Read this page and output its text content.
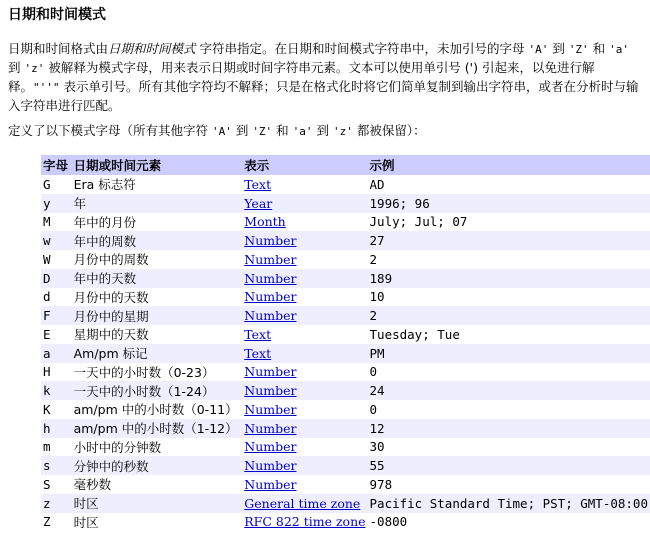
日期和时间模式
日期和时间格式由日期和时间模式 字符串指定。在日期和时间模式字符串中，未加引号的字母 'A' 到 'Z' 和 'a' 到 'z' 被解释为模式字母，用来表示日期或时间字符串元素。文本可以使用单引号 (') 引起来，以免进行解释。"''" 表示单引号。所有其他字符均不解释；只是在格式化时将它们简单复制到输出字符串，或者在分析时与输入字符串进行匹配。
定义了以下模式字母（所有其他字符 'A' 到 'Z' 和 'a' 到 'z' 都被保留）：
字母	日期或时间元素	表示	示例
G	Era 标志符	Text	AD
y	年	Year	1996; 96
M	年中的月份	Month	July; Jul; 07
w	年中的周数	Number	27
W	月份中的周数	Number	2
D	年中的天数	Number	189
d	月份中的天数	Number	10
F	月份中的星期	Number	2
E	星期中的天数	Text	Tuesday; Tue
a	Am/pm 标记	Text	PM
H	一天中的小时数（0-23）	Number	0
k	一天中的小时数（1-24）	Number	24
K	am/pm 中的小时数（0-11）	Number	0
h	am/pm 中的小时数（1-12）	Number	12
m	小时中的分钟数	Number	30
s	分钟中的秒数	Number	55
S	毫秒数	Number	978
z	时区	General time zone	Pacific Standard Time; PST; GMT-08:00
Z	时区	RFC 822 time zone	-0800
